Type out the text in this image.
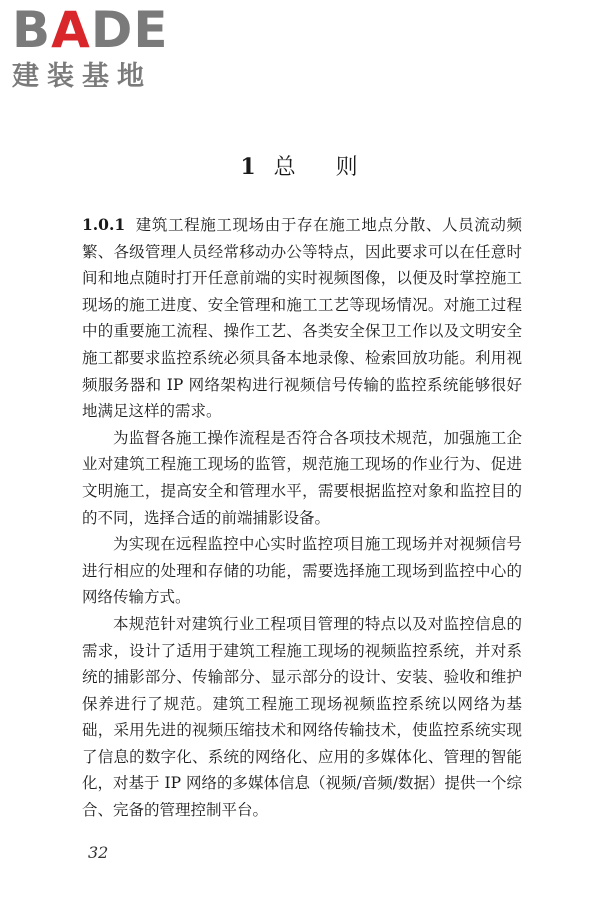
BADE
建装基地
1 总 则

1.0.1 建筑工程施工现场由于存在施工地点分散、人员流动频繁、各级管理人员经常移动办公等特点，因此要求可以在任意时间和地点随时打开任意前端的实时视频图像，以便及时掌控施工现场的施工进度、安全管理和施工工艺等现场情况。对施工过程中的重要施工流程、操作工艺、各类安全保卫工作以及文明安全施工都要求监控系统必须具备本地录像、检索回放功能。利用视频服务器和 IP 网络架构进行视频信号传输的监控系统能够很好地满足这样的需求。

为监督各施工操作流程是否符合各项技术规范，加强施工企业对建筑工程施工现场的监管，规范施工现场的作业行为、促进文明施工，提高安全和管理水平，需要根据监控对象和监控目的的不同，选择合适的前端捕影设备。

为实现在远程监控中心实时监控项目施工现场并对视频信号进行相应的处理和存储的功能，需要选择施工现场到监控中心的网络传输方式。

本规范针对建筑行业工程项目管理的特点以及对监控信息的需求，设计了适用于建筑工程施工现场的视频监控系统，并对系统的捕影部分、传输部分、显示部分的设计、安装、验收和维护保养进行了规范。建筑工程施工现场视频监控系统以网络为基础，采用先进的视频压缩技术和网络传输技术，使监控系统实现了信息的数字化、系统的网络化、应用的多媒体化、管理的智能化，对基于 IP 网络的多媒体信息（视频/音频/数据）提供一个综合、完备的管理控制平台。

32
